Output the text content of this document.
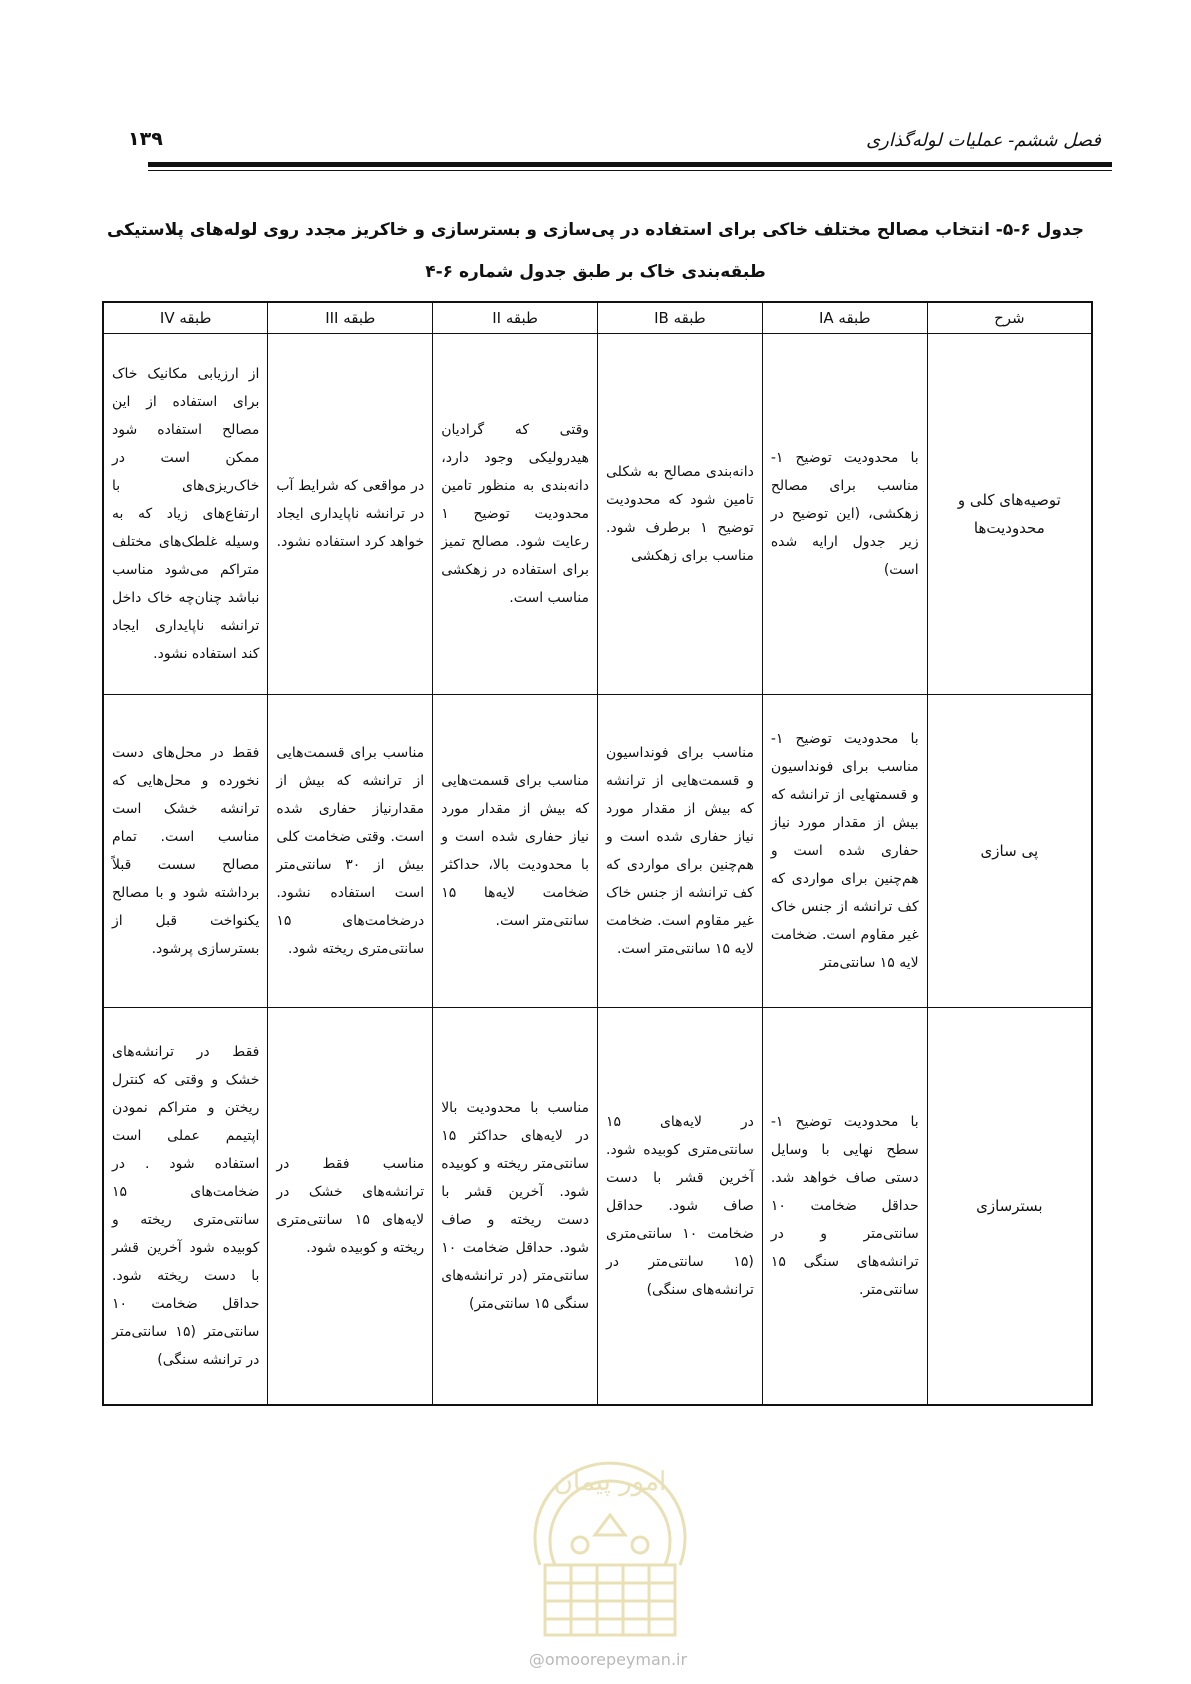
فصل ششم- عملیات لوله‌گذاری
۱۳۹
جدول ۶-۵- انتخاب مصالح مختلف خاکی برای استفاده در پی‌سازی و بسترسازی و خاکریز مجدد روی لوله‌های پلاستیکی
طبقه‌بندی خاک بر طبق جدول شماره ۶-۴
شرح	طبقه IA	طبقه IB	طبقه II	طبقه III	طبقه IV
توصیه‌های کلی و محدودیت‌ها	با محدودیت توضیح ۱- مناسب برای مصالح زهکشی، (این توضیح در زیر جدول ارایه شده است)	دانه‌بندی مصالح به شکلی تامین شود که محدودیت توضیح ۱ برطرف شود. مناسب برای زهکشی	وقتی که گرادیان هیدرولیکی وجود دارد، دانه‌بندی به منظور تامین محدودیت توضیح ۱ رعایت شود. مصالح تمیز برای استفاده در زهکشی مناسب است.	در مواقعی که شرایط آب در ترانشه ناپایداری ایجاد خواهد کرد استفاده نشود.	از ارزیابی مکانیک خاک برای استفاده از این مصالح استفاده شود ممکن است در خاک‌ریزی‌های با ارتفاع‌های زیاد که به وسیله غلطک‌های مختلف متراکم می‌شود مناسب نباشد چنان‌چه خاک داخل ترانشه ناپایداری ایجاد کند استفاده نشود.
پی سازی	با محدودیت توضیح ۱- مناسب برای فونداسیون و قسمتهایی از ترانشه که بیش از مقدار مورد نیاز حفاری شده است و هم‌چنین برای مواردی که کف ترانشه از جنس خاک غیر مقاوم است. ضخامت لایه ۱۵ سانتی‌متر	مناسب برای فونداسیون و قسمت‌هایی از ترانشه که بیش از مقدار مورد نیاز حفاری شده است و هم‌چنین برای مواردی که کف ترانشه از جنس خاک غیر مقاوم است. ضخامت لایه ۱۵ سانتی‌متر است.	مناسب برای قسمت‌هایی که بیش از مقدار مورد نیاز حفاری شده است و با محدودیت بالا، حداکثر ضخامت لایه‌ها ۱۵ سانتی‌متر است.	مناسب برای قسمت‌هایی از ترانشه که بیش از مقدارنیاز حفاری شده است. وقتی ضخامت کلی بیش از ۳۰ سانتی‌متر است استفاده نشود. درضخامت‌های ۱۵ سانتی‌متری ریخته شود.	فقط در محل‌های دست نخورده و محل‌هایی که ترانشه خشک است مناسب است. تمام مصالح سست قبلاً برداشته شود و با مصالح یکنواخت قبل از بسترسازی پرشود.
بسترسازی	با محدودیت توضیح ۱- سطح نهایی با وسایل دستی صاف خواهد شد. حداقل ضخامت ۱۰ سانتی‌متر و در ترانشه‌های سنگی ۱۵ سانتی‌متر.	در لایه‌های ۱۵ سانتی‌متری کوبیده شود. آخرین قشر با دست صاف شود. حداقل ضخامت ۱۰ سانتی‌متری (۱۵ سانتی‌متر در ترانشه‌های سنگی)	مناسب با محدودیت بالا در لایه‌های حداکثر ۱۵ سانتی‌متر ریخته و کوبیده شود. آخرین قشر با دست ریخته و صاف شود. حداقل ضخامت ۱۰ سانتی‌متر (در ترانشه‌های سنگی ۱۵ سانتی‌متر)	مناسب فقط در ترانشه‌های خشک در لایه‌های ۱۵ سانتی‌متری ریخته و کوبیده شود.	فقط در ترانشه‌های خشک و وقتی که کنترل ریختن و متراکم نمودن اپتیمم عملی است استفاده شود . در ضخامت‌های ۱۵ سانتی‌متری ریخته و کوبیده شود آخرین قشر با دست ریخته شود. حداقل ضخامت ۱۰ سانتی‌متر (۱۵ سانتی‌متر در ترانشه سنگی)
امور پیمان
@omoorepeyman.ir
